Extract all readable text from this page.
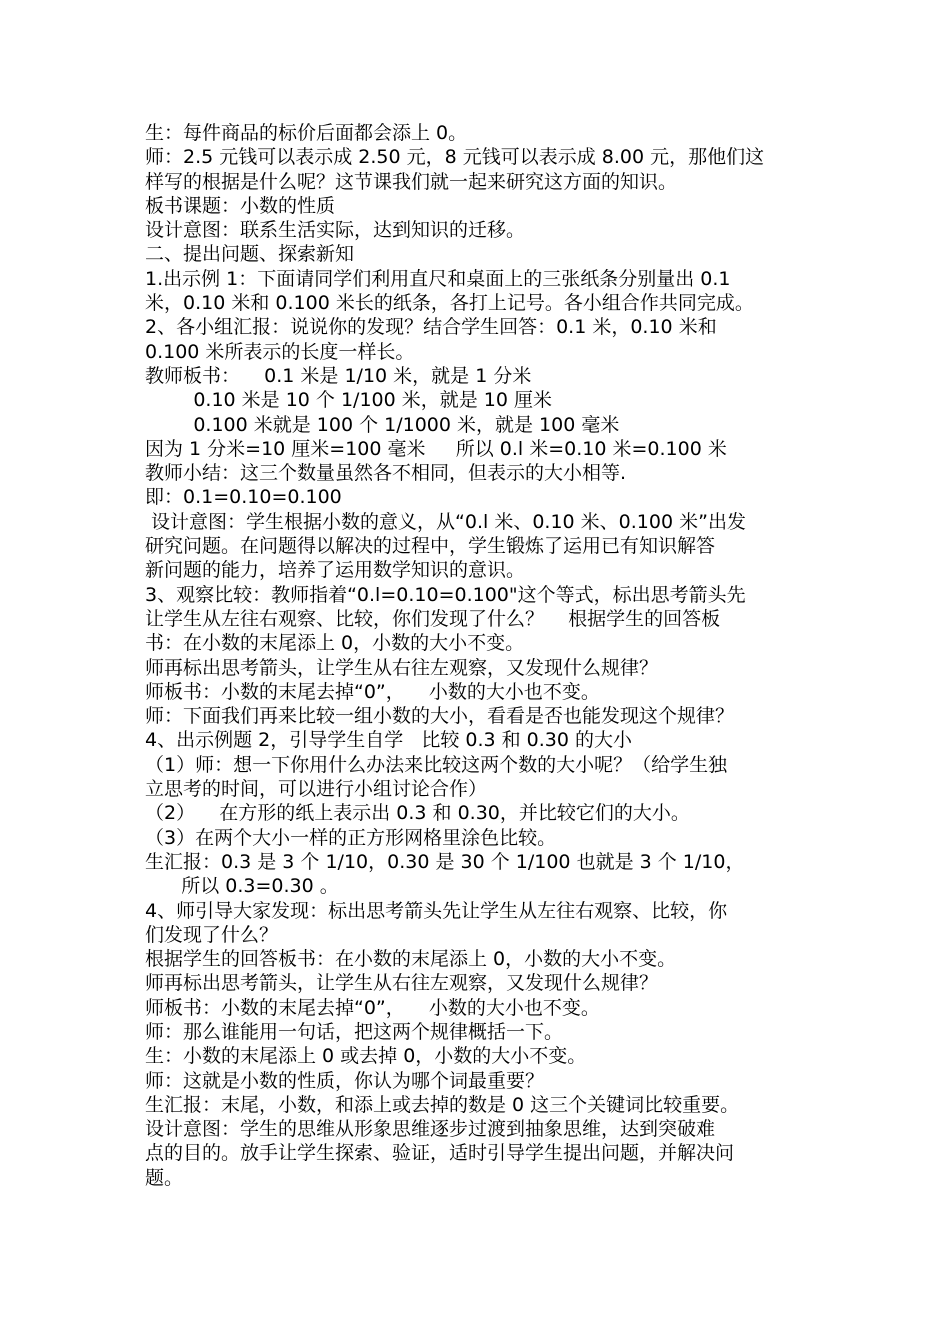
生：每件商品的标价后面都会添上 0。

师：2.5 元钱可以表示成 2.50 元，8 元钱可以表示成 8.00 元，那他们这

样写的根据是什么呢？这节课我们就一起来研究这方面的知识。

板书课题：小数的性质

设计意图：联系生活实际，达到知识的迁移。

二、提出问题、探索新知

1.出示例 1：下面请同学们利用直尺和桌面上的三张纸条分别量出 0.1

米，0.10 米和 0.100 米长的纸条，各打上记号。各小组合作共同完成。

2、各小组汇报：说说你的发现？结合学生回答：0.1 米，0.10 米和

0.100 米所表示的长度一样长。

教师板书：    0.1 米是 1/10 米，就是 1 分米

0.10 米是 10 个 1/100 米，就是 10 厘米

0.100 米就是 100 个 1/1000 米，就是 100 毫米

因为 1 分米=10 厘米=100 毫米     所以 0.l 米=0.10 米=0.100 米

教师小结：这三个数量虽然各不相同，但表示的大小相等.

即：0.1=0.10=0.100

设计意图：学生根据小数的意义，从“0.l 米、0.10 米、0.100 米”出发

研究问题。在问题得以解决的过程中，学生锻炼了运用已有知识解答

新问题的能力，培养了运用数学知识的意识。

3、观察比较：教师指着“0.l=0.10=0.100"这个等式，标出思考箭头先

让学生从左往右观察、比较，你们发现了什么？    根据学生的回答板

书：在小数的末尾添上 0，小数的大小不变。

师再标出思考箭头，让学生从右往左观察，又发现什么规律？

师板书：小数的末尾去掉“0”，    小数的大小也不变。

师：下面我们再来比较一组小数的大小，看看是否也能发现这个规律？

4、出示例题 2，引导学生自学   比较 0.3 和 0.30 的大小

（1）师：想一下你用什么办法来比较这两个数的大小呢？（给学生独

立思考的时间，可以进行小组讨论合作）

（2）    在方形的纸上表示出 0.3 和 0.30，并比较它们的大小。

（3）在两个大小一样的正方形网格里涂色比较。

生汇报：0.3 是 3 个 1/10，0.30 是 30 个 1/100 也就是 3 个 1/10，

所以 0.3=0.30 。

4、师引导大家发现：标出思考箭头先让学生从左往右观察、比较，你

们发现了什么？

根据学生的回答板书：在小数的末尾添上 0，小数的大小不变。

师再标出思考箭头，让学生从右往左观察，又发现什么规律？

师板书：小数的末尾去掉“0”，    小数的大小也不变。

师：那么谁能用一句话，把这两个规律概括一下。

生：小数的末尾添上 0 或去掉 0，小数的大小不变。

师：这就是小数的性质，你认为哪个词最重要？

生汇报：末尾，小数，和添上或去掉的数是 0 这三个关键词比较重要。

设计意图：学生的思维从形象思维逐步过渡到抽象思维，达到突破难

点的目的。放手让学生探索、验证，适时引导学生提出问题，并解决问

题。
